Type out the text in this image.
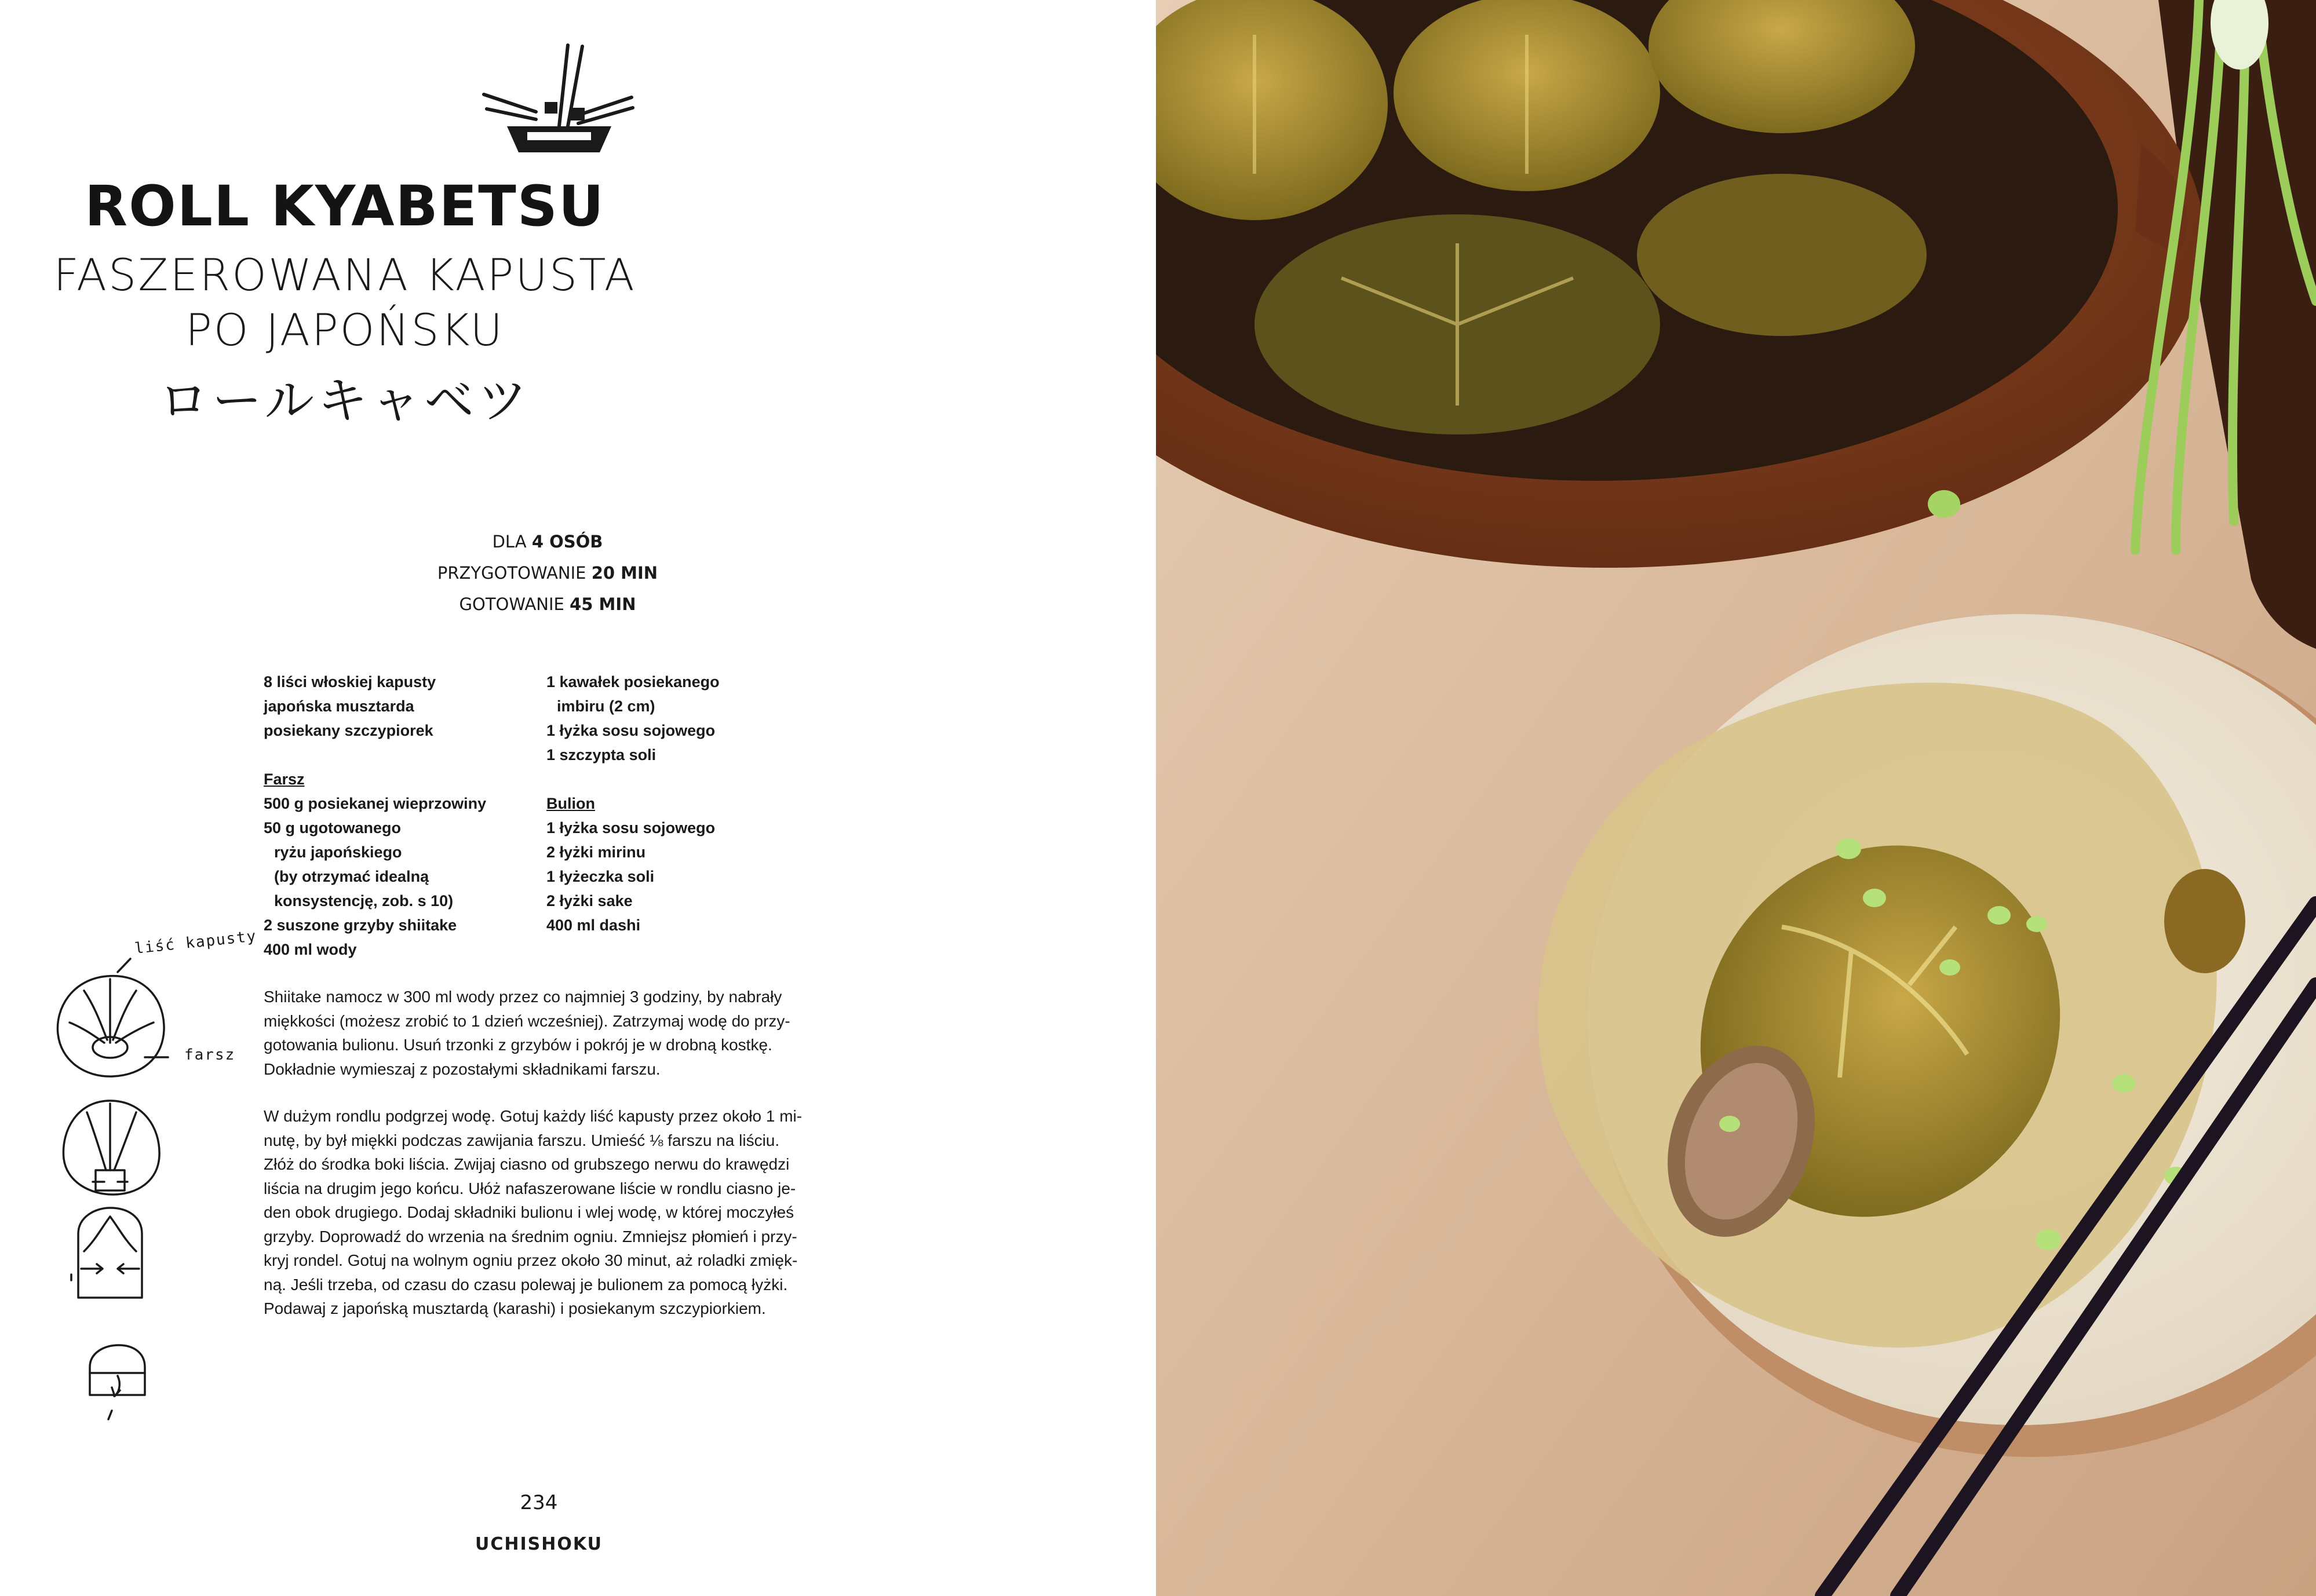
ROLL KYABETSU
FASZEROWANA KAPUSTA
PO JAPOŃSKU
ロールキャベツ
DLA 4 OSÓB
PRZYGOTOWANIE 20 MIN
GOTOWANIE 45 MIN
8 liści włoskiej kapusty
japońska musztarda
posiekany szczypiorek
Farsz
500 g posiekanej wieprzowiny
50 g ugotowanego
ryżu japońskiego
(by otrzymać idealną
konsystencję, zob. s 10)
2 suszone grzyby shiitake
400 ml wody
1 kawałek posiekanego
imbiru (2 cm)
1 łyżka sosu sojowego
1 szczypta soli
Bulion
1 łyżka sosu sojowego
2 łyżki mirinu
1 łyżeczka soli
2 łyżki sake
400 ml dashi
Shiitake namocz w 300 ml wody przez co najmniej 3 godziny, by nabrały
miękkości (możesz zrobić to 1 dzień wcześniej). Zatrzymaj wodę do przy-
gotowania bulionu. Usuń trzonki z grzybów i pokrój je w drobną kostkę.
Dokładnie wymieszaj z pozostałymi składnikami farszu.
W dużym rondlu podgrzej wodę. Gotuj każdy liść kapusty przez około 1 mi-
nutę, by był miękki podczas zawijania farszu. Umieść ⅛ farszu na liściu.
Złóż do środka boki liścia. Zwijaj ciasno od grubszego nerwu do krawędzi
liścia na drugim jego końcu. Ułóż nafaszerowane liście w rondlu ciasno je-
den obok drugiego. Dodaj składniki bulionu i wlej wodę, w której moczyłeś
grzyby. Doprowadź do wrzenia na średnim ogniu. Zmniejsz płomień i przy-
kryj rondel. Gotuj na wolnym ogniu przez około 30 minut, aż roladki zmięk-
ną. Jeśli trzeba, od czasu do czasu polewaj je bulionem za pomocą łyżki.
Podawaj z japońską musztardą (karashi) i posiekanym szczypiorkiem.
liść kapusty
farsz
234
UCHISHOKU
